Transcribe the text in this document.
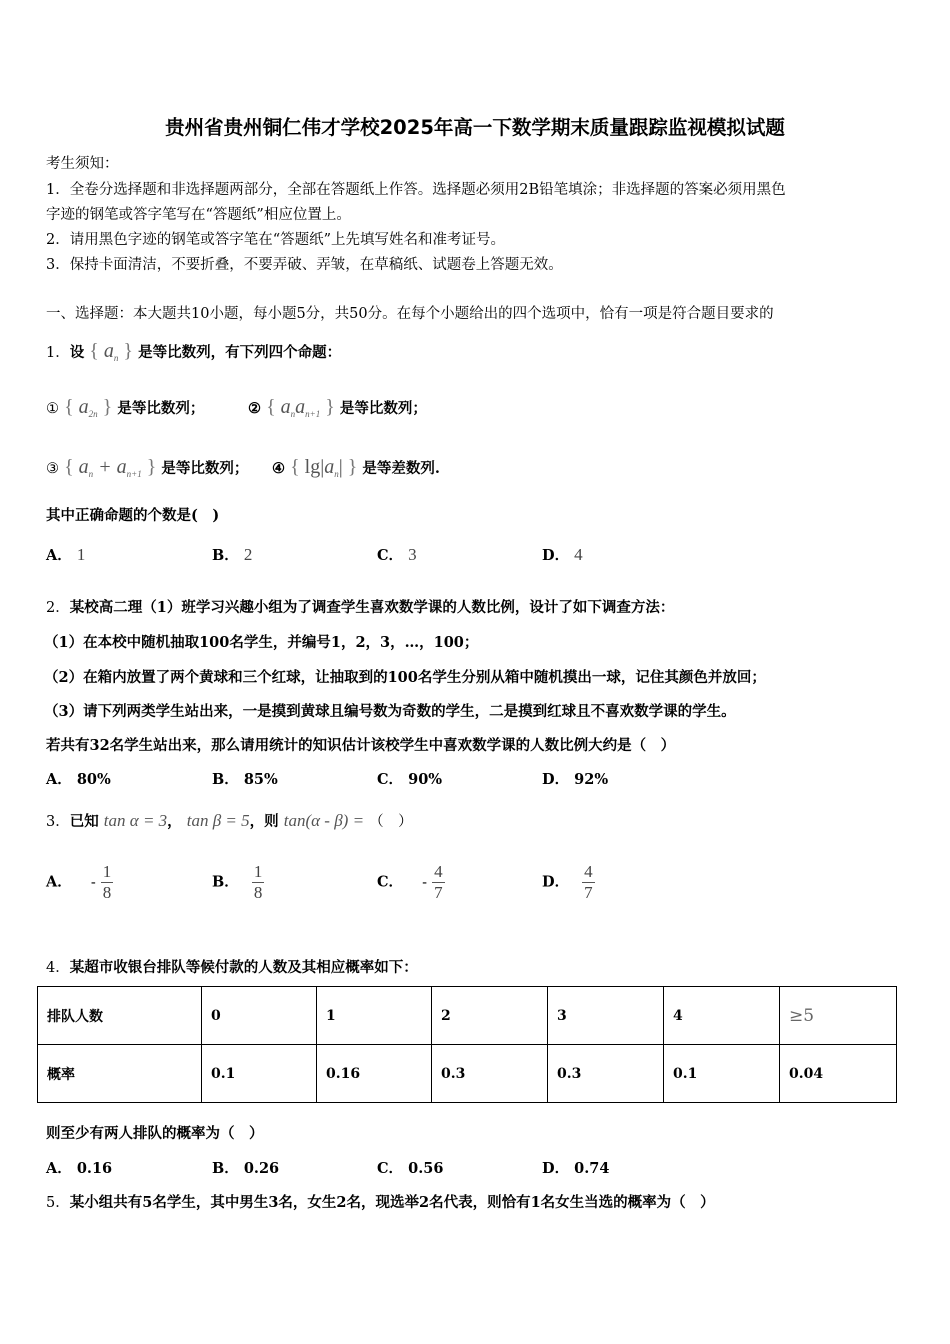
贵州省贵州铜仁伟才学校2025年高一下数学期末质量跟踪监视模拟试题
考生须知：
1．全卷分选择题和非选择题两部分，全部在答题纸上作答。选择题必须用2B铅笔填涂；非选择题的答案必须用黑色
字迹的钢笔或答字笔写在“答题纸”相应位置上。
2．请用黑色字迹的钢笔或答字笔在“答题纸”上先填写姓名和准考证号。
3．保持卡面清洁，不要折叠，不要弄破、弄皱，在草稿纸、试题卷上答题无效。
一、选择题：本大题共10小题，每小题5分，共50分。在每个小题给出的四个选项中，恰有一项是符合题目要求的
1．设 { $a_n$ } 是等比数列，有下列四个命题：
① { $a_{2n}$ } 是等比数列；	② { $a_na_{n+1}$ } 是等比数列；
③ { $a_n + a_{n+1}$ } 是等比数列； ④ { $\lg|a_n|$ } 是等差数列.
其中正确命题的个数是(　)
A． 1	B． 2	C． 3	D． 4
2．某校高二理（1）班学习兴趣小组为了调查学生喜欢数学课的人数比例，设计了如下调查方法：
（1）在本校中随机抽取100名学生，并编号1，2，3，…，100；
（2）在箱内放置了两个黄球和三个红球，让抽取到的100名学生分别从箱中随机摸出一球，记住其颜色并放回；
（3）请下列两类学生站出来，一是摸到黄球且编号数为奇数的学生，二是摸到红球且不喜欢数学课的学生。
若共有32名学生站出来，那么请用统计的知识估计该校学生中喜欢数学课的人数比例大约是（　）
A． 80%	B． 85%	C． 90%	D． 92%
3．已知 tan α = 3， tan β = 5，则 tan(α - β) = （　）
A． - $\frac{1}{8}$	B． $\frac{1}{8}$	C． - $\frac{4}{7}$	D． $\frac{4}{7}$
4．某超市收银台排队等候付款的人数及其相应概率如下：
排队人数	0	1	2	3	4	≥5
概率	0.1	0.16	0.3	0.3	0.1	0.04
则至少有两人排队的概率为（　）
A． 0.16	B． 0.26	C． 0.56	D． 0.74
5．某小组共有5名学生，其中男生3名，女生2名，现选举2名代表，则恰有1名女生当选的概率为（　）
